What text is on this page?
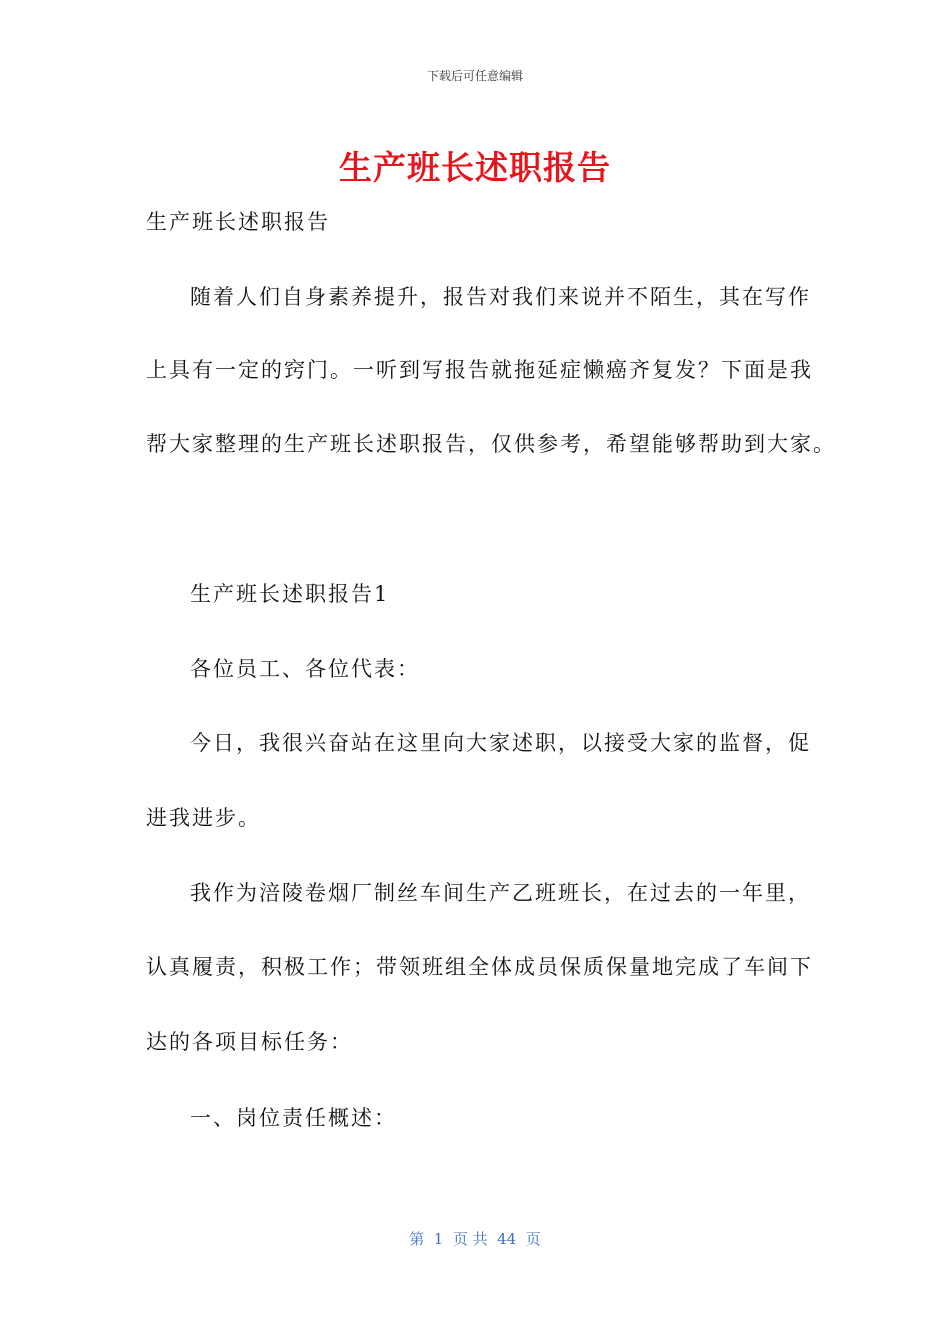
下载后可任意编辑
生产班长述职报告
生产班长述职报告
随着人们自身素养提升，报告对我们来说并不陌生，其在写作
上具有一定的窍门。一听到写报告就拖延症懒癌齐复发？下面是我
帮大家整理的生产班长述职报告，仅供参考，希望能够帮助到大家。
生产班长述职报告1
各位员工、各位代表：
今日，我很兴奋站在这里向大家述职，以接受大家的监督，促
进我进步。
我作为涪陵卷烟厂制丝车间生产乙班班长，在过去的一年里，
认真履责，积极工作；带领班组全体成员保质保量地完成了车间下
达的各项目标任务：
一、岗位责任概述：
第  1  页 共  44  页
